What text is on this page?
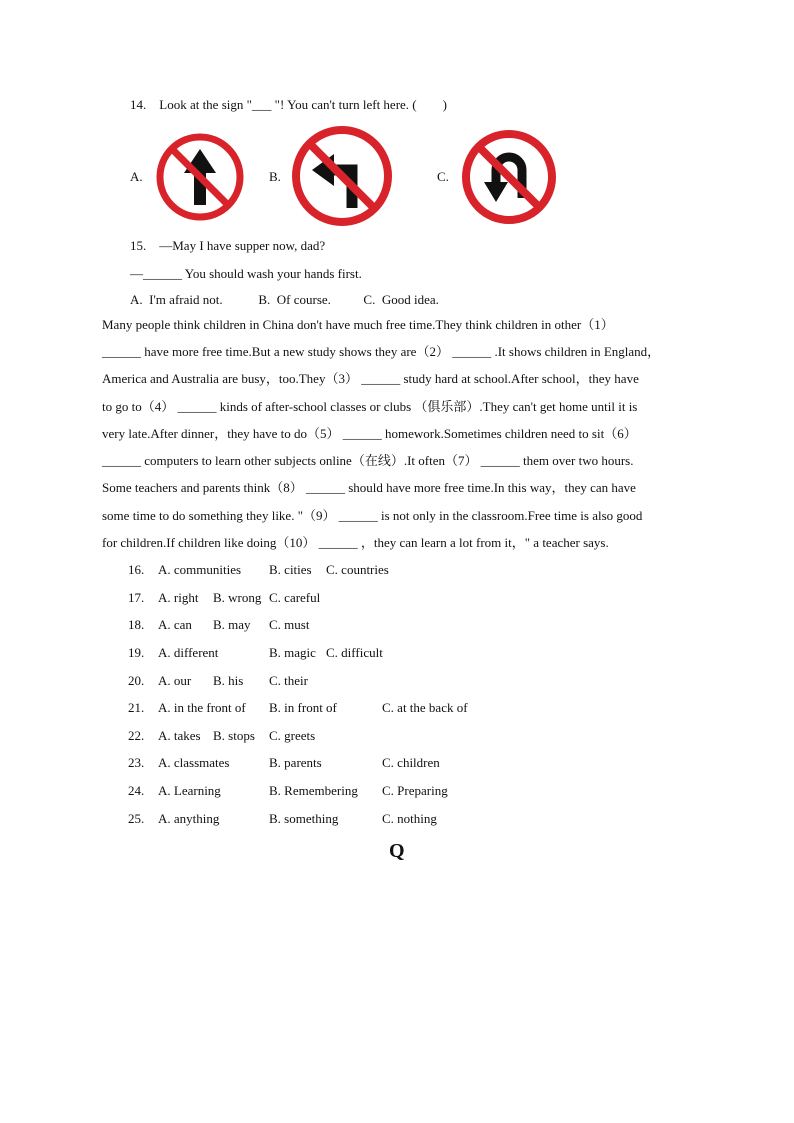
14.    Look at the sign "___ "! You can't turn left here. (        )
A.	B.	C.
15.    —May I have supper now, dad?
—______ You should wash your hands first.
A.  I'm afraid not.           B.  Of course.          C.  Good idea.
Many people think children in China don't have much free time.They think children in other（1）
______ have more free time.But a new study shows they are（2） ______ .It shows children in England，
America and Australia are busy，too.They（3） ______ study hard at school.After school，they have
to go to（4） ______ kinds of after-school classes or clubs （俱乐部）.They can't get home until it is
very late.After dinner，they have to do（5） ______ homework.Sometimes children need to sit（6）
______ computers to learn other subjects online（在线）.It often（7） ______ them over two hours.
Some teachers and parents think（8） ______ should have more free time.In this way，they can have
some time to do something they like. "（9） ______ is not only in the classroom.Free time is also good
for children.If children like doing（10） ______ ，they can learn a lot from it，" a teacher says.
16. A. communities B. cities C. countries
17. A. right B. wrong C. careful
18. A. can B. may C. must
19. A. different	B. magic C. difficult
20. A. our B. his C. their
21. A. in the front of B. in front of	C. at the back of
22. A. takes B. stops C. greets
23. A. classmates	B. parents	C. children
24. A. Learning	B. Remembering C. Preparing
25. A. anything	B. something	C. nothing
Q
